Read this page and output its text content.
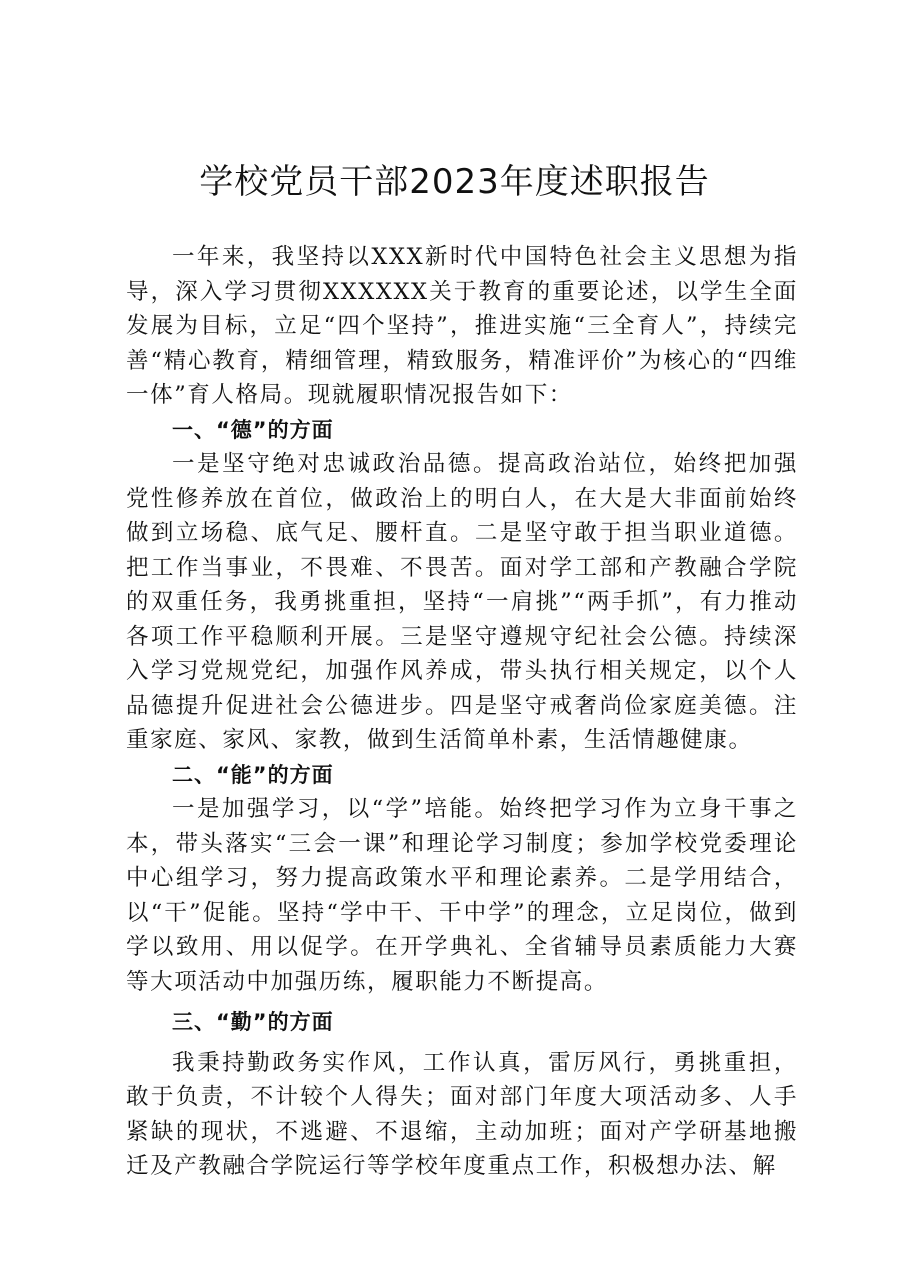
学校党员干部2023年度述职报告

一年来，我坚持以XXX新时代中国特色社会主义思想为指导，深入学习贯彻XXXXXX关于教育的重要论述，以学生全面发展为目标，立足“四个坚持”，推进实施“三全育人”，持续完善“精心教育，精细管理，精致服务，精准评价”为核心的“四维一体”育人格局。现就履职情况报告如下：

一、“德”的方面

一是坚守绝对忠诚政治品德。提高政治站位，始终把加强党性修养放在首位，做政治上的明白人，在大是大非面前始终做到立场稳、底气足、腰杆直。二是坚守敢于担当职业道德。把工作当事业，不畏难、不畏苦。面对学工部和产教融合学院的双重任务，我勇挑重担，坚持“一肩挑”“两手抓”，有力推动各项工作平稳顺利开展。三是坚守遵规守纪社会公德。持续深入学习党规党纪，加强作风养成，带头执行相关规定，以个人品德提升促进社会公德进步。四是坚守戒奢尚俭家庭美德。注重家庭、家风、家教，做到生活简单朴素，生活情趣健康。

二、“能”的方面

一是加强学习，以“学”培能。始终把学习作为立身干事之本，带头落实“三会一课”和理论学习制度；参加学校党委理论中心组学习，努力提高政策水平和理论素养。二是学用结合，以“干”促能。坚持“学中干、干中学”的理念，立足岗位，做到学以致用、用以促学。在开学典礼、全省辅导员素质能力大赛等大项活动中加强历练，履职能力不断提高。

三、“勤”的方面

我秉持勤政务实作风，工作认真，雷厉风行，勇挑重担，敢于负责，不计较个人得失；面对部门年度大项活动多、人手紧缺的现状，不逃避、不退缩，主动加班；面对产学研基地搬迁及产教融合学院运行等学校年度重点工作，积极想办法、解
